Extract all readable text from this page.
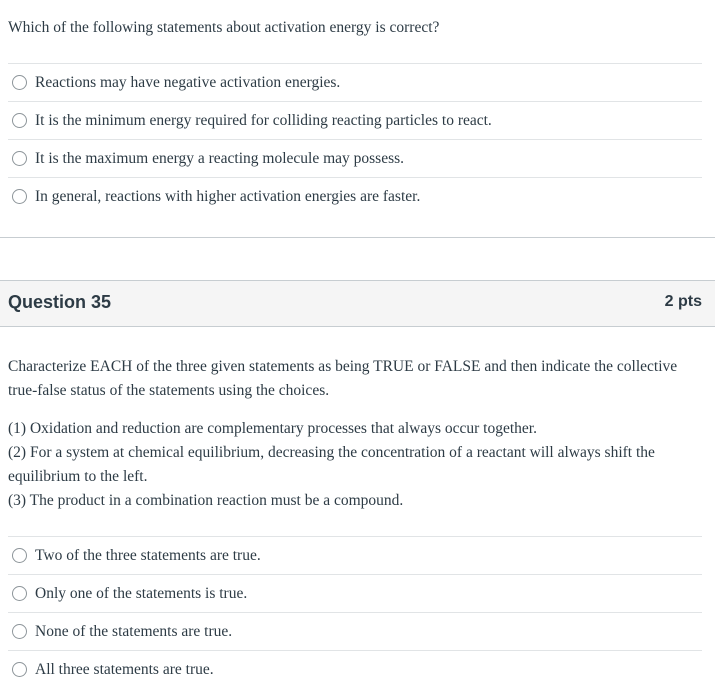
Which of the following statements about activation energy is correct?
Reactions may have negative activation energies.
It is the minimum energy required for colliding reacting particles to react.
It is the maximum energy a reacting molecule may possess.
In general, reactions with higher activation energies are faster.
Question 35	2 pts
Characterize EACH of the three given statements as being TRUE or FALSE and then indicate the collective
true-false status of the statements using the choices.
(1) Oxidation and reduction are complementary processes that always occur together.
(2) For a system at chemical equilibrium, decreasing the concentration of a reactant will always shift the
equilibrium to the left.
(3) The product in a combination reaction must be a compound.
Two of the three statements are true.
Only one of the statements is true.
None of the statements are true.
All three statements are true.
